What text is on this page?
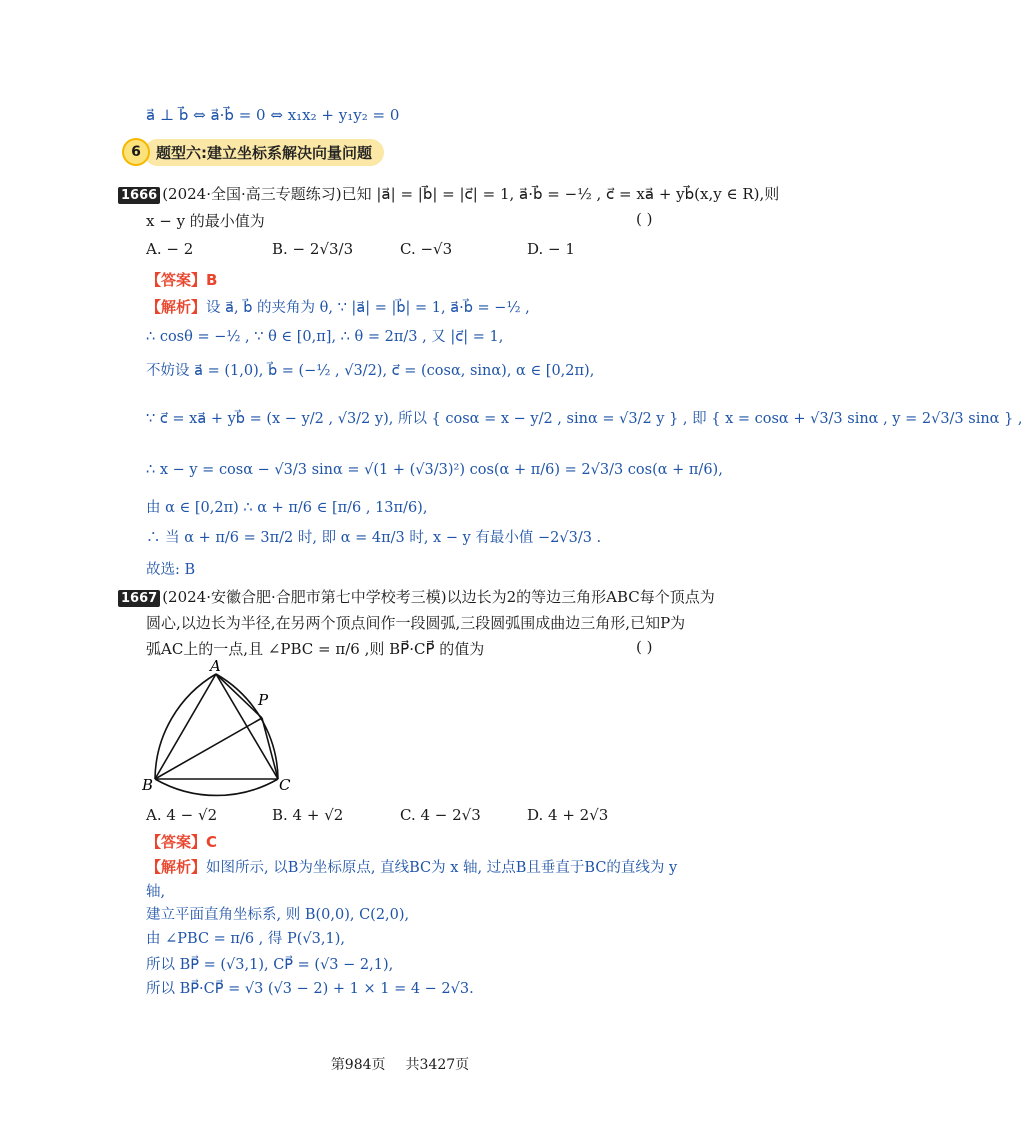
a⃗ ⊥ b⃗ ⇔ a⃗·b⃗ = 0 ⇔ x₁x₂ + y₁y₂ = 0
6	题型六:建立坐标系解决向量问题
1666 (2024·全国·高三专题练习)已知 |a⃗| = |b⃗| = |c⃗| = 1, a⃗·b⃗ = −½ , c⃗ = xa⃗ + yb⃗(x,y ∈ R),则
x − y 的最小值为	( )
A. − 2	B. − 2√3/3	C. −√3	D. − 1
【答案】B
【解析】设 a⃗, b⃗ 的夹角为 θ, ∵ |a⃗| = |b⃗| = 1, a⃗·b⃗ = −½ ,
∴ cosθ = −½ , ∵ θ ∈ [0,π], ∴ θ = 2π/3 , 又 |c⃗| = 1,
不妨设 a⃗ = (1,0), b⃗ = (−½ , √3/2), c⃗ = (cosα, sinα), α ∈ [0,2π),
∵ c⃗ = xa⃗ + yb⃗ = (x − y/2 , √3/2 y), 所以 { cosα = x − y/2 , sinα = √3/2 y } , 即 { x = cosα + √3/3 sinα , y = 2√3/3 sinα } ,
∴ x − y = cosα − √3/3 sinα = √(1 + (√3/3)²) cos(α + π/6) = 2√3/3 cos(α + π/6),
由 α ∈ [0,2π) ∴ α + π/6 ∈ [π/6 , 13π/6),
∴ 当 α + π/6 = 3π/2 时, 即 α = 4π/3 时, x − y 有最小值 −2√3/3 .
故选: B
1667 (2024·安徽合肥·合肥市第七中学校考三模)以边长为2的等边三角形ABC每个顶点为
圆心,以边长为半径,在另两个顶点间作一段圆弧,三段圆弧围成曲边三角形,已知P为
弧AC上的一点,且 ∠PBC = π/6 ,则 BP⃗·CP⃗ 的值为	( )
A
P
B	C
A. 4 − √2	B. 4 + √2	C. 4 − 2√3	D. 4 + 2√3
【答案】C
【解析】如图所示, 以B为坐标原点, 直线BC为 x 轴, 过点B且垂直于BC的直线为 y
轴,
建立平面直角坐标系, 则 B(0,0), C(2,0),
由 ∠PBC = π/6 , 得 P(√3,1),
所以 BP⃗ = (√3,1), CP⃗ = (√3 − 2,1),
所以 BP⃗·CP⃗ = √3 (√3 − 2) + 1 × 1 = 4 − 2√3.
第984页 共3427页
